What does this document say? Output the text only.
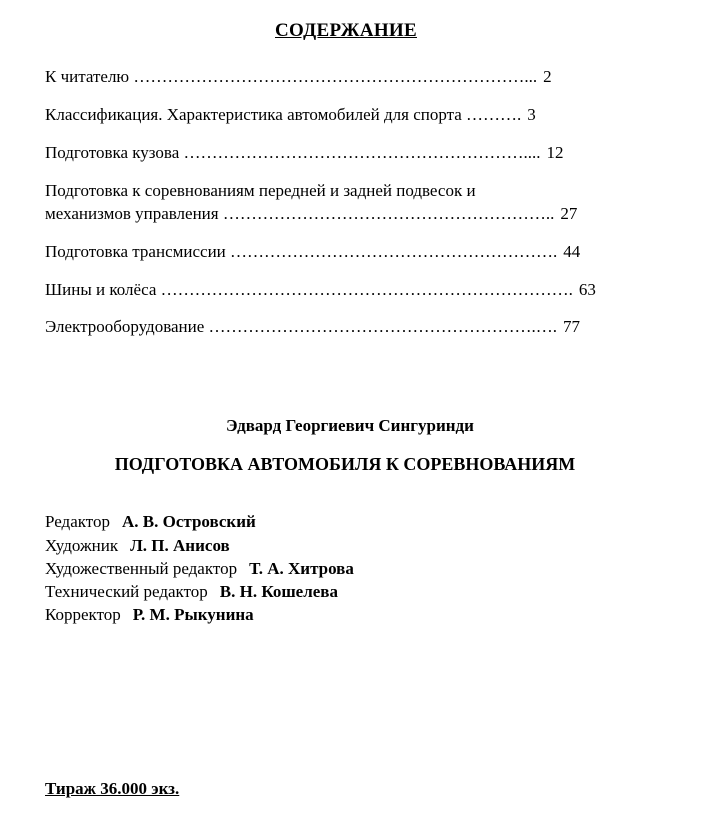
СОДЕРЖАНИЕ
К читателю ……………………………………………………………... 2
Классификация. Характеристика автомобилей для спорта ………. 3
Подготовка кузова …………………………………………………….... 12
Подготовка к соревнованиям передней и задней подвесок и
механизмов управления ………………………………………………….. 27
Подготовка трансмиссии …………………………………………………. 44
Шины и колёса ………………………………………………………………. 63
Электрооборудование ………………………………………………….…. 77
Эдвард Георгиевич Сингуринди
ПОДГОТОВКА АВТОМОБИЛЯ К СОРЕВНОВАНИЯМ
Редактор А. В. Островский
Художник Л. П. Анисов
Художественный редактор Т. А. Хитрова
Технический редактор В. Н. Кошелева
Корректор Р. М. Рыкунина
Тираж 36.000 экз.
